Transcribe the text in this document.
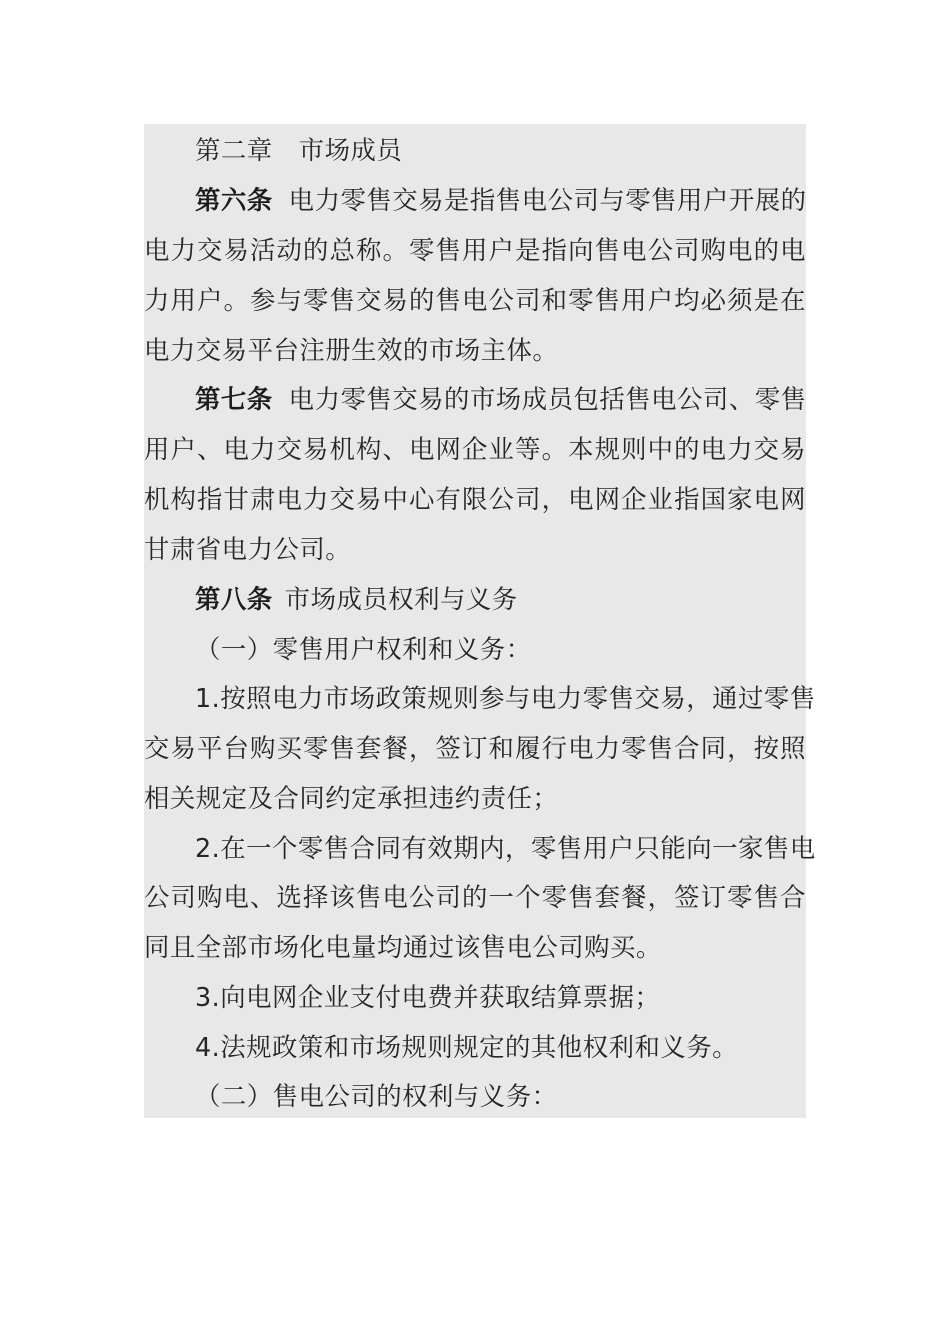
第二章 市场成员

第六条 电力零售交易是指售电公司与零售用户开展的

电力交易活动的总称。零售用户是指向售电公司购电的电

力用户。参与零售交易的售电公司和零售用户均必须是在

电力交易平台注册生效的市场主体。

第七条 电力零售交易的市场成员包括售电公司、零售

用户、电力交易机构、电网企业等。本规则中的电力交易

机构指甘肃电力交易中心有限公司，电网企业指国家电网

甘肃省电力公司。

第八条 市场成员权利与义务

（一）零售用户权利和义务：

1.按照电力市场政策规则参与电力零售交易，通过零售

交易平台购买零售套餐，签订和履行电力零售合同，按照

相关规定及合同约定承担违约责任；

2.在一个零售合同有效期内，零售用户只能向一家售电

公司购电、选择该售电公司的一个零售套餐，签订零售合

同且全部市场化电量均通过该售电公司购买。

3.向电网企业支付电费并获取结算票据；

4.法规政策和市场规则规定的其他权利和义务。

（二）售电公司的权利与义务：
